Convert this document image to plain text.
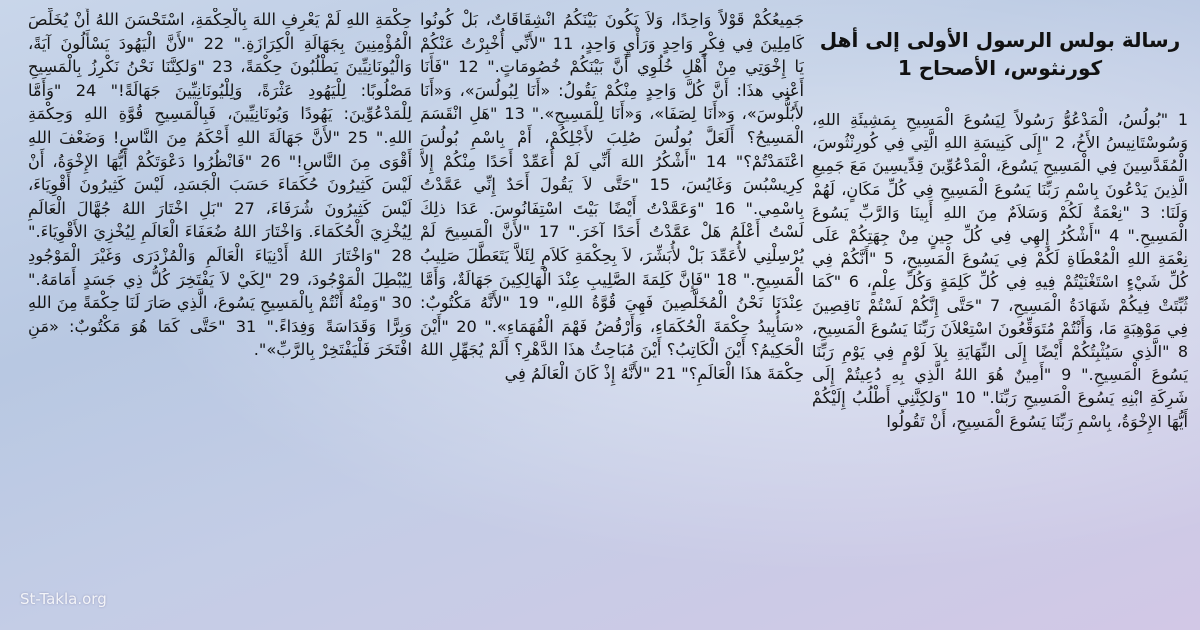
رسالة بولس الرسول الأولى إلى أهل كورنثوس، الأصحاح 1

1 "بُولُسُ، الْمَدْعُوُّ رَسُولاً لِيَسُوعَ الْمَسِيحِ بِمَشِيئَةِ اللهِ، وَسُوسْتَانِيسُ الأَخُ، 2 "إِلَى كَنِيسَةِ اللهِ الَّتِي فِي كُورِنْثُوسَ، الْمُقَدَّسِينَ فِي الْمَسِيحِ يَسُوعَ، الْمَدْعُوِّينَ قِدِّيسِينَ مَعَ جَمِيعِ الَّذِينَ يَدْعُونَ بِاسْمِ رَبِّنَا يَسُوعَ الْمَسِيحِ فِي كُلِّ مَكَانٍ، لَهُمْ وَلَنَا: 3 "نِعْمَةٌ لَكُمْ وَسَلاَمٌ مِنَ اللهِ أَبِينَا وَالرَّبِّ يَسُوعَ الْمَسِيحِ." 4 "أَشْكُرُ إِلهِي فِي كُلِّ حِينٍ مِنْ جِهَتِكُمْ عَلَى نِعْمَةِ اللهِ الْمُعْطَاةِ لَكُمْ فِي يَسُوعَ الْمَسِيحِ، 5 "أَنَّكُمْ فِي كُلِّ شَيْءٍ اسْتَغْنَيْتُمْ فِيهِ فِي كُلِّ كَلِمَةٍ وَكُلِّ عِلْمٍ، 6 "كَمَا ثُبِّتَتْ فِيكُمْ شَهَادَةُ الْمَسِيحِ، 7 "حَتَّى إِنَّكُمْ لَسْتُمْ نَاقِصِينَ فِي مَوْهِبَةٍ مَا، وَأَنْتُمْ مُتَوَقِّعُونَ اسْتِعْلاَنَ رَبِّنَا يَسُوعَ الْمَسِيحِ، 8 "الَّذِي سَيُثْبِتُكُمْ أَيْضًا إِلَى النِّهَايَةِ بِلاَ لَوْمٍ فِي يَوْمِ رَبِّنَا يَسُوعَ الْمَسِيحِ." 9 "أَمِينٌ هُوَ اللهُ الَّذِي بِهِ دُعِيتُمْ إِلَى شَرِكَةِ ابْنِهِ يَسُوعَ الْمَسِيحِ رَبِّنَا." 10 "وَلكِنَّنِي أَطْلُبُ إِلَيْكُمْ أَيُّهَا الإِخْوَةُ، بِاسْمِ رَبِّنَا يَسُوعَ الْمَسِيحِ، أَنْ تَقُولُوا

جَمِيعُكُمْ قَوْلاً وَاحِدًا، وَلاَ يَكُونَ بَيْنَكُمُ انْشِقَاقَاتٌ، بَلْ كُونُوا كَامِلِينَ فِي فِكْرٍ وَاحِدٍ وَرَأْيٍ وَاحِدٍ، 11 "لأَنِّي أُخْبِرْتُ عَنْكُمْ يَا إِخْوَتِي مِنْ أَهْلِ خُلُوِي أَنَّ بَيْنَكُمْ خُصُومَاتٍ." 12 "فَأَنَا أَعْنِي هذَا: أَنَّ كُلَّ وَاحِدٍ مِنْكُمْ يَقُولُ: «أَنَا لِبُولُسَ»، وَ«أَنَا لأَبُلُّوسَ»، وَ«أَنَا لِصَفَا»، وَ«أَنَا لِلْمَسِيحِ»." 13 "هَلِ انْقَسَمَ الْمَسِيحُ؟ أَلَعَلَّ بُولُسَ صُلِبَ لأَجْلِكُمْ، أَمْ بِاسْمِ بُولُسَ اعْتَمَدْتُمْ؟" 14 "أَشْكُرُ اللهَ أَنِّي لَمْ أُعَمِّدْ أَحَدًا مِنْكُمْ إِلاَّ كِرِيسْبُسَ وَغَايُسَ، 15 "حَتَّى لاَ يَقُولَ أَحَدٌ إِنِّي عَمَّدْتُ بِاسْمِي." 16 "وَعَمَّدْتُ أَيْضًا بَيْتَ اسْتِفَانُوسَ. عَدَا ذلِكَ لَسْتُ أَعْلَمُ هَلْ عَمَّدْتُ أَحَدًا آخَرَ." 17 "لأَنَّ الْمَسِيحَ لَمْ يُرْسِلْنِي لأُعَمِّدَ بَلْ لأُبَشِّرَ، لاَ بِحِكْمَةِ كَلاَمٍ لِئَلاَّ يَتَعَطَّلَ صَلِيبُ الْمَسِيحِ." 18 "فَإِنَّ كَلِمَةَ الصَّلِيبِ عِنْدَ الْهَالِكِينَ جَهَالَةٌ، وَأَمَّا عِنْدَنَا نَحْنُ الْمُخَلَّصِينَ فَهِيَ قُوَّةُ اللهِ،" 19 "لأَنَّهُ مَكْتُوبٌ: «سَأُبِيدُ حِكْمَةَ الْحُكَمَاءِ، وَأَرْفُضُ فَهْمَ الْفُهَمَاءِ»." 20 "أَيْنَ الْحَكِيمُ؟ أَيْنَ الْكَاتِبُ؟ أَيْنَ مُبَاحِثُ هذَا الدَّهْرِ؟ أَلَمْ يُجَهِّلِ اللهُ حِكْمَةَ هذَا الْعَالَمِ؟" 21 "لأَنَّهُ إِذْ كَانَ الْعَالَمُ فِي

حِكْمَةِ اللهِ لَمْ يَعْرِفِ اللهَ بِالْحِكْمَةِ، اسْتَحْسَنَ اللهُ أَنْ يُخَلِّصَ الْمُؤْمِنِينَ بِجَهَالَةِ الْكِرَازَةِ." 22 "لأَنَّ الْيَهُودَ يَسْأَلُونَ آيَةً، وَالْيُونَانِيِّينَ يَطْلُبُونَ حِكْمَةً، 23 "وَلكِنَّنَا نَحْنُ نَكْرِزُ بِالْمَسِيحِ مَصْلُوبًا: لِلْيَهُودِ عَثْرَةً، وَلِلْيُونَانِيِّينَ جَهَالَةً!" 24 "وَأَمَّا لِلْمَدْعُوِّينَ: يَهُودًا وَيُونَانِيِّينَ، فَبِالْمَسِيحِ قُوَّةِ اللهِ وَحِكْمَةِ اللهِ." 25 "لأَنَّ جَهَالَةَ اللهِ أَحْكَمُ مِنَ النَّاسِ! وَضَعْفَ اللهِ أَقْوَى مِنَ النَّاسِ!" 26 "فَانْظُرُوا دَعْوَتَكُمْ أَيُّهَا الإِخْوَةُ، أَنْ لَيْسَ كَثِيرُونَ حُكَمَاءَ حَسَبَ الْجَسَدِ، لَيْسَ كَثِيرُونَ أَقْوِيَاءَ، لَيْسَ كَثِيرُونَ شُرَفَاءَ، 27 "بَلِ اخْتَارَ اللهُ جُهَّالَ الْعَالَمِ لِيُخْزِيَ الْحُكَمَاءَ. وَاخْتَارَ اللهُ ضُعَفَاءَ الْعَالَمِ لِيُخْزِيَ الأَقْوِيَاءَ." 28 "وَاخْتَارَ اللهُ أَدْنِيَاءَ الْعَالَمِ وَالْمُزْدَرَى وَغَيْرَ الْمَوْجُودِ لِيُبْطِلَ الْمَوْجُودَ، 29 "لِكَيْ لاَ يَفْتَخِرَ كُلُّ ذِي جَسَدٍ أَمَامَهُ." 30 "وَمِنْهُ أَنْتُمْ بِالْمَسِيحِ يَسُوعَ، الَّذِي صَارَ لَنَا حِكْمَةً مِنَ اللهِ وَبِرًّا وَقَدَاسَةً وَفِدَاءً." 31 "حَتَّى كَمَا هُوَ مَكْتُوبٌ: «مَنِ افْتَخَرَ فَلْيَفْتَخِرْ بِالرَّبِّ»".

St-Takla.org
